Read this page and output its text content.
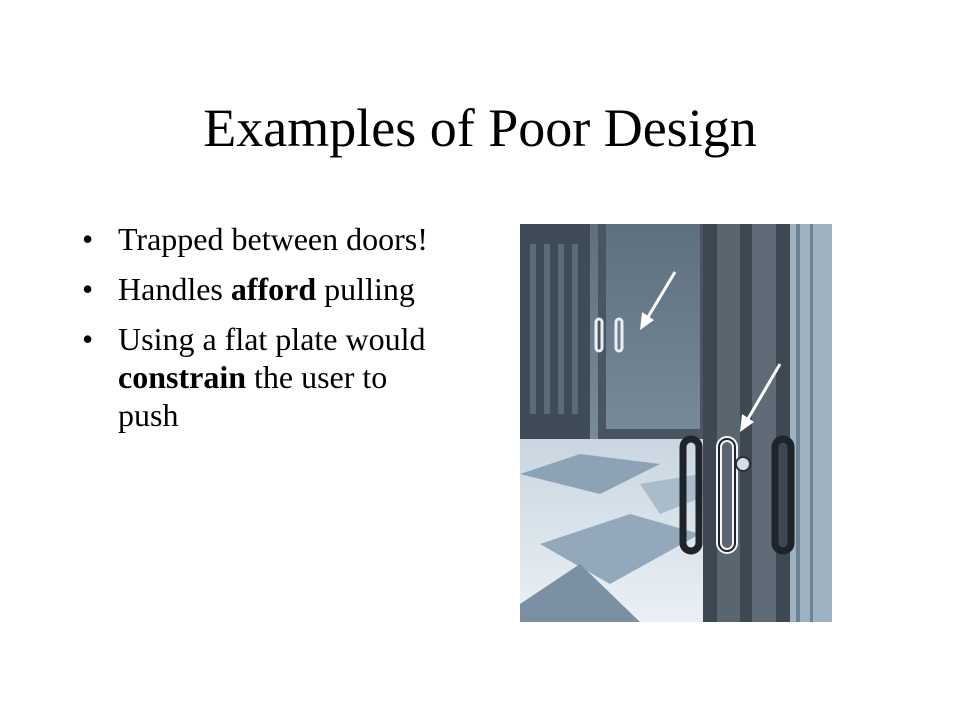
Examples of Poor Design
• Trapped between doors!
• Handles afford pulling
• Using a flat plate would constrain the user to push
